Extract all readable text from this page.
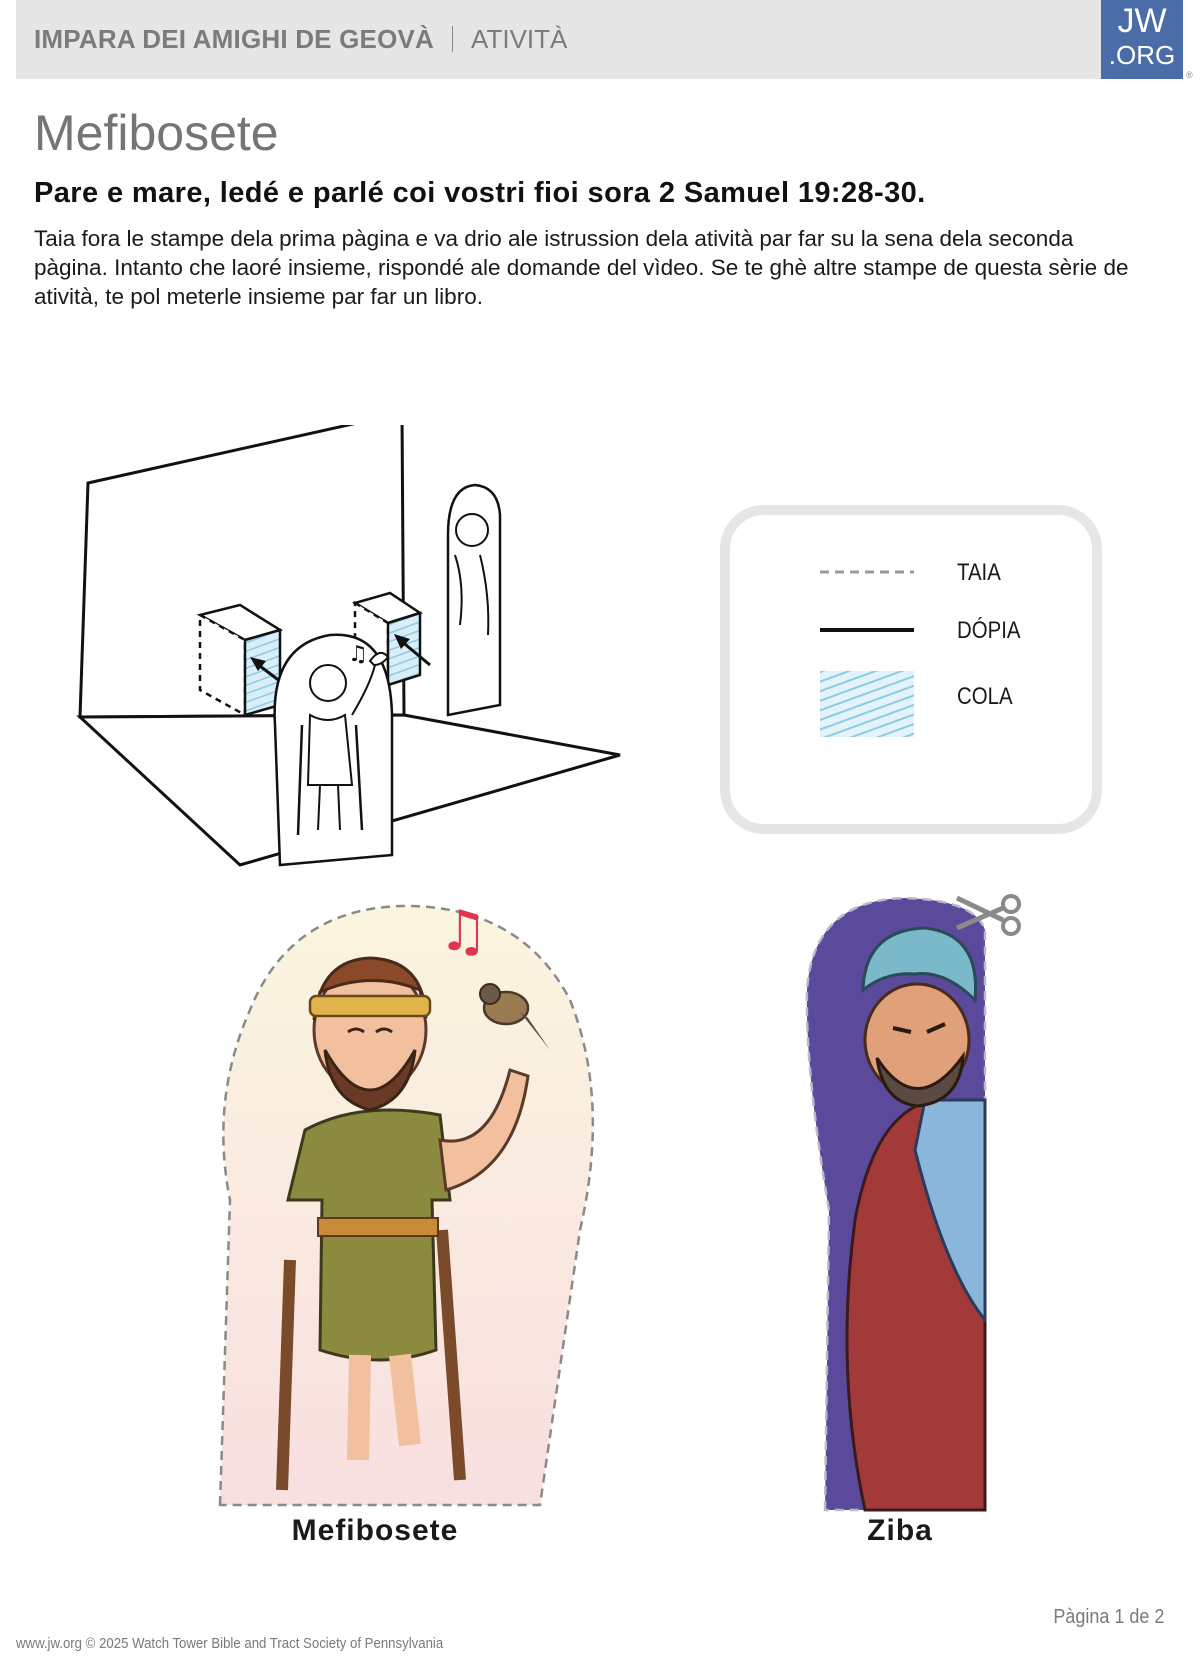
IMPARA DEI AMIGHI DE GEOVÀ ATIVITÀ	JW
.ORG
®
Mefibosete
Pare e mare, ledé e parlé coi vostri fioi sora 2 Samuel 19:28-30.
Taia fora le stampe dela prima pàgina e va drio ale istrussion dela atività par far su la sena dela seconda pàgina. Intanto che laoré insieme, rispondé ale domande del vìdeo. Se te ghè altre stampe de questa sèrie de atività, te pol meterle insieme par far un libro.
♫
TAIA
DÓPIA
COLA
♫
Mefibosete	Ziba
Pàgina 1 de 2
www.jw.org © 2025 Watch Tower Bible and Tract Society of Pennsylvania
